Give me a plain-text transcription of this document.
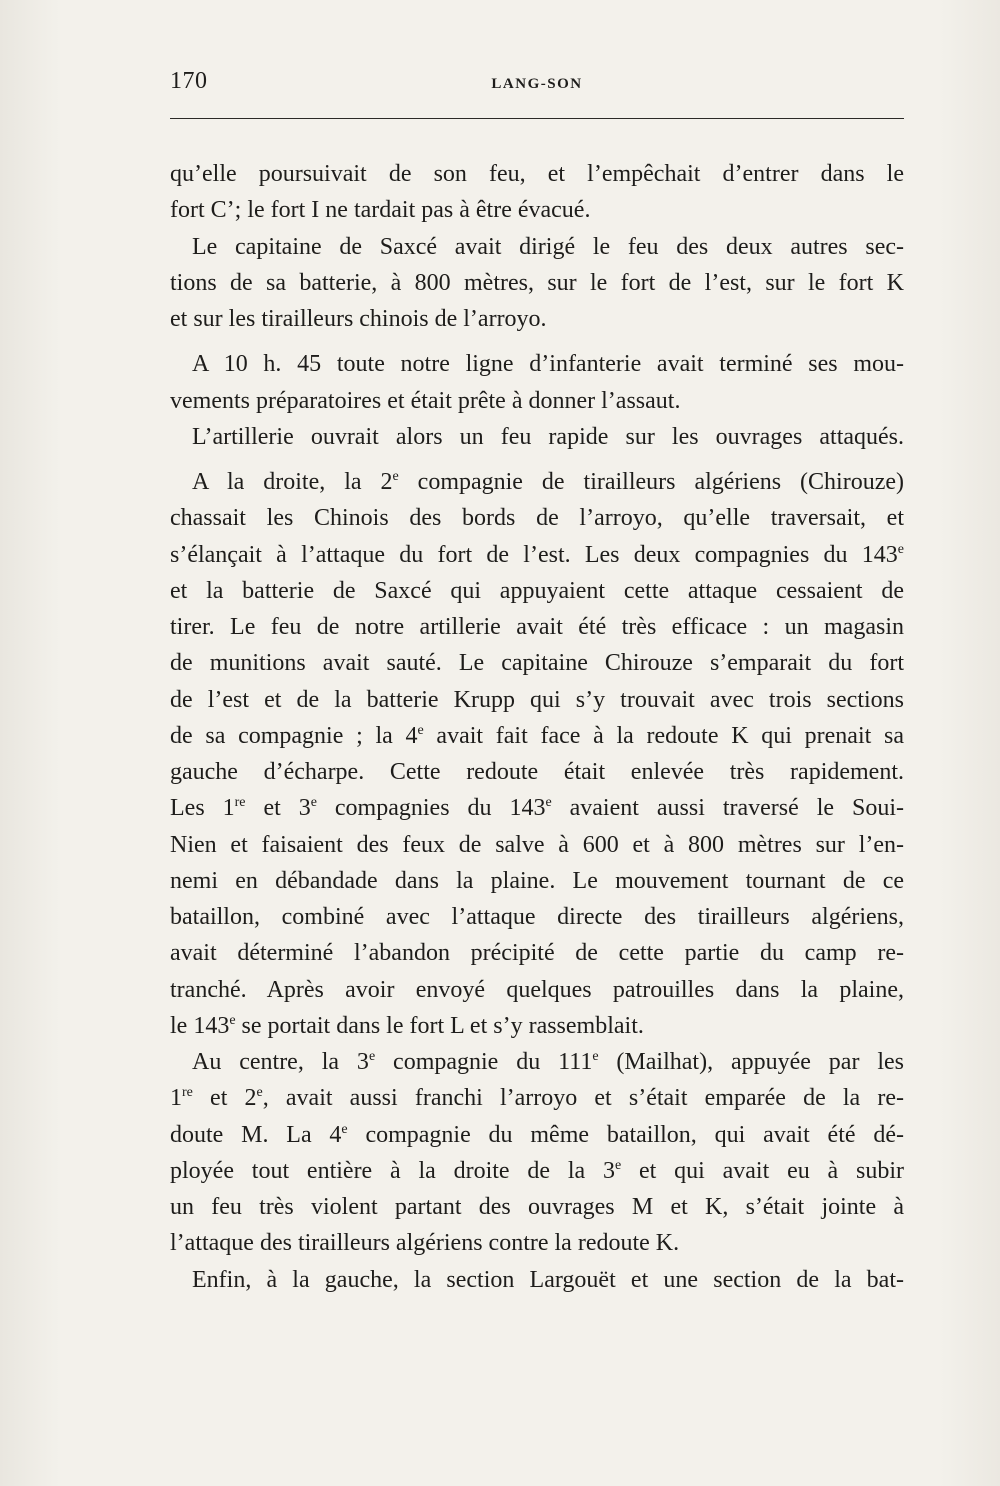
170	LANG-SON
qu’elle poursuivait de son feu, et l’empêchait d’entrer dans le
fort C’; le fort I ne tardait pas à être évacué.
Le capitaine de Saxcé avait dirigé le feu des deux autres sec-
tions de sa batterie, à 800 mètres, sur le fort de l’est, sur le fort K
et sur les tirailleurs chinois de l’arroyo.
A 10 h. 45 toute notre ligne d’infanterie avait terminé ses mou-
vements préparatoires et était prête à donner l’assaut.
L’artillerie ouvrait alors un feu rapide sur les ouvrages attaqués.
A la droite, la 2e compagnie de tirailleurs algériens (Chirouze)
chassait les Chinois des bords de l’arroyo, qu’elle traversait, et
s’élançait à l’attaque du fort de l’est. Les deux compagnies du 143e
et la batterie de Saxcé qui appuyaient cette attaque cessaient de
tirer. Le feu de notre artillerie avait été très efficace : un magasin
de munitions avait sauté. Le capitaine Chirouze s’emparait du fort
de l’est et de la batterie Krupp qui s’y trouvait avec trois sections
de sa compagnie ; la 4e avait fait face à la redoute K qui prenait sa
gauche d’écharpe. Cette redoute était enlevée très rapidement.
Les 1re et 3e compagnies du 143e avaient aussi traversé le Soui-
Nien et faisaient des feux de salve à 600 et à 800 mètres sur l’en-
nemi en débandade dans la plaine. Le mouvement tournant de ce
bataillon, combiné avec l’attaque directe des tirailleurs algériens,
avait déterminé l’abandon précipité de cette partie du camp re-
tranché. Après avoir envoyé quelques patrouilles dans la plaine,
le 143e se portait dans le fort L et s’y rassemblait.
Au centre, la 3e compagnie du 111e (Mailhat), appuyée par les
1re et 2e, avait aussi franchi l’arroyo et s’était emparée de la re-
doute M. La 4e compagnie du même bataillon, qui avait été dé-
ployée tout entière à la droite de la 3e et qui avait eu à subir
un feu très violent partant des ouvrages M et K, s’était jointe à
l’attaque des tirailleurs algériens contre la redoute K.
Enfin, à la gauche, la section Largouët et une section de la bat-
